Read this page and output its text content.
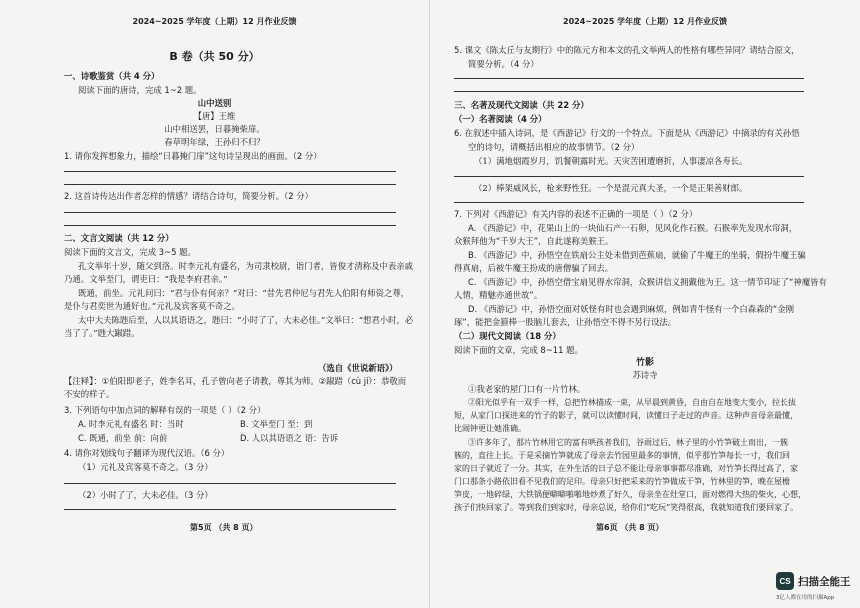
2024~2025 学年度（上期）12 月作业反馈
B 卷（共 50 分）
一、诗歌鉴赏（共 4 分）
阅读下面的唐诗，完成 1~2 题。
山中送别
【唐】王维
山中相送罢，日暮掩柴扉。
春草明年绿，王孙归不归？
1. 请你发挥想象力，描绘“日暮掩门扉”这句诗呈现出的画面。（2 分）
2. 这首诗传达出作者怎样的情感？请结合诗句，简要分析。（2 分）
二、文言文阅读（共 12 分）
阅读下面的文言文，完成 3~5 题。
孔文举年十岁，随父到洛。时李元礼有盛名，为司隶校尉，诣门者，皆俊才清称及中表亲戚
乃通。文举至门，谓吏曰：“我是李府君亲。”
既通，前坐。元礼问曰：“君与仆有何亲？”对曰：“昔先君仲尼与君先人伯阳有师资之尊，
是仆与君奕世为通好也。”元礼及宾客莫不奇之。
太中大夫陈韪后至，人以其语语之，韪曰：“小时了了，大未必佳。”文举曰：“想君小时，必
当了了。”韪大踧踖。
（选自《世说新语》）
【注释】：①伯阳即老子，姓李名耳，孔子曾向老子请教，尊其为师。②踧踖（cù jí）：恭敬而
不安的样子。
3. 下列语句中加点词的解释有误的一项是（ ）（2 分）
A. 时李元礼有盛名 时：当时	B. 文举至门 至：到
C. 既通，前坐 前：向前	D. 人以其语语之 语：告诉
4. 请你对划线句子翻译为现代汉语。（6 分）
（1）元礼及宾客莫不奇之。（3 分）
（2）小时了了，大未必佳。（3 分）
第5页 （共 8 页）
2024~2025 学年度（上期）12 月作业反馈
5. 课文《陈太丘与友期行》中的陈元方和本文的孔文举两人的性格有哪些异同？请结合原文，
简要分析。（4 分）
三、名著及现代文阅读（共 22 分）
（一）名著阅读（4 分）
6. 在叙述中插入诗词，是《西游记》行文的一个特点。下面是从《西游记》中摘录的有关孙悟
空的诗句，请概括出相应的故事情节。（2 分）
（1）满地烟霞岁月，饥餐朝露时光。天灾苦困遭磨折，人事凄凉各寿长。
（2）棒架威风长，枪来野性狂。一个是混元真大圣，一个是正果善财郎。
7. 下列对《西游记》有关内容的表述不正确的一项是（ ）（2 分）
A. 《西游记》中，花果山上的一块仙石产一石卵，见风化作石猴。石猴率先发现水帘洞，
众猴拜他为“千岁大王”，自此遂称美猴王。
B. 《西游记》中，孙悟空在铁扇公主处未借到芭蕉扇，就偷了牛魔王的坐骑，假扮牛魔王骗
得真扇，后被牛魔王扮成的唐僧骗了回去。
C. 《西游记》中，孙悟空借宝扇见得水帘洞，众猴讲信义拥戴他为王。这一情节印证了“神魔皆有
人情，精魅亦通世故”。
D. 《西游记》中，孙悟空面对妖怪有时也会遇到麻烦，例如青牛怪有一个白森森的“金刚
琢”，能把金箍棒一股脑儿套去，让孙悟空不得不另行设法。
（二）现代文阅读（18 分）
阅读下面的文章，完成 8~11 题。
竹影
苏诗寺
①我老家的屋门口有一片竹林。
②阳光似乎有一双手一样，总把竹林描成一束，从早晨到黄昏，自由自在地变大变小，拉长拔
短，从家门口探进来的竹子的影子，就可以读懂时间，读懂日子走过的声音。这种声音母亲最懂，
比闹钟更让她准确。
③许多年了，那片竹林用它的富有哄孩者我们，谷雨过后，林子里的小竹笋破土而出，一簇
簇的，直往上长。于是采摘竹笋就成了母亲去竹园里最多的事情，似乎那竹笋每长一寸，我们回
家的日子就近了一分。其实，在外生活的日子总不能让母亲事事都尽准确，对竹笋长得过高了，家
门口那条小路依旧看不见我们的足印。母亲只好把采来的竹笋做成干笋，竹林里的笋，晚在屋檐
笋皮，一地碎绿，大铁锅便噼噼啪啪地炒煮了好久，母亲坐在灶堂口，面对燃得大热的柴火，心想，
孩子们快回家了。等到我们到家时，母亲总说，给你们“吃玩”笑得很高，我就知道我们要回家了。
第6页 （共 8 页）
CS 扫描全能王
3亿人都在用的扫描App
